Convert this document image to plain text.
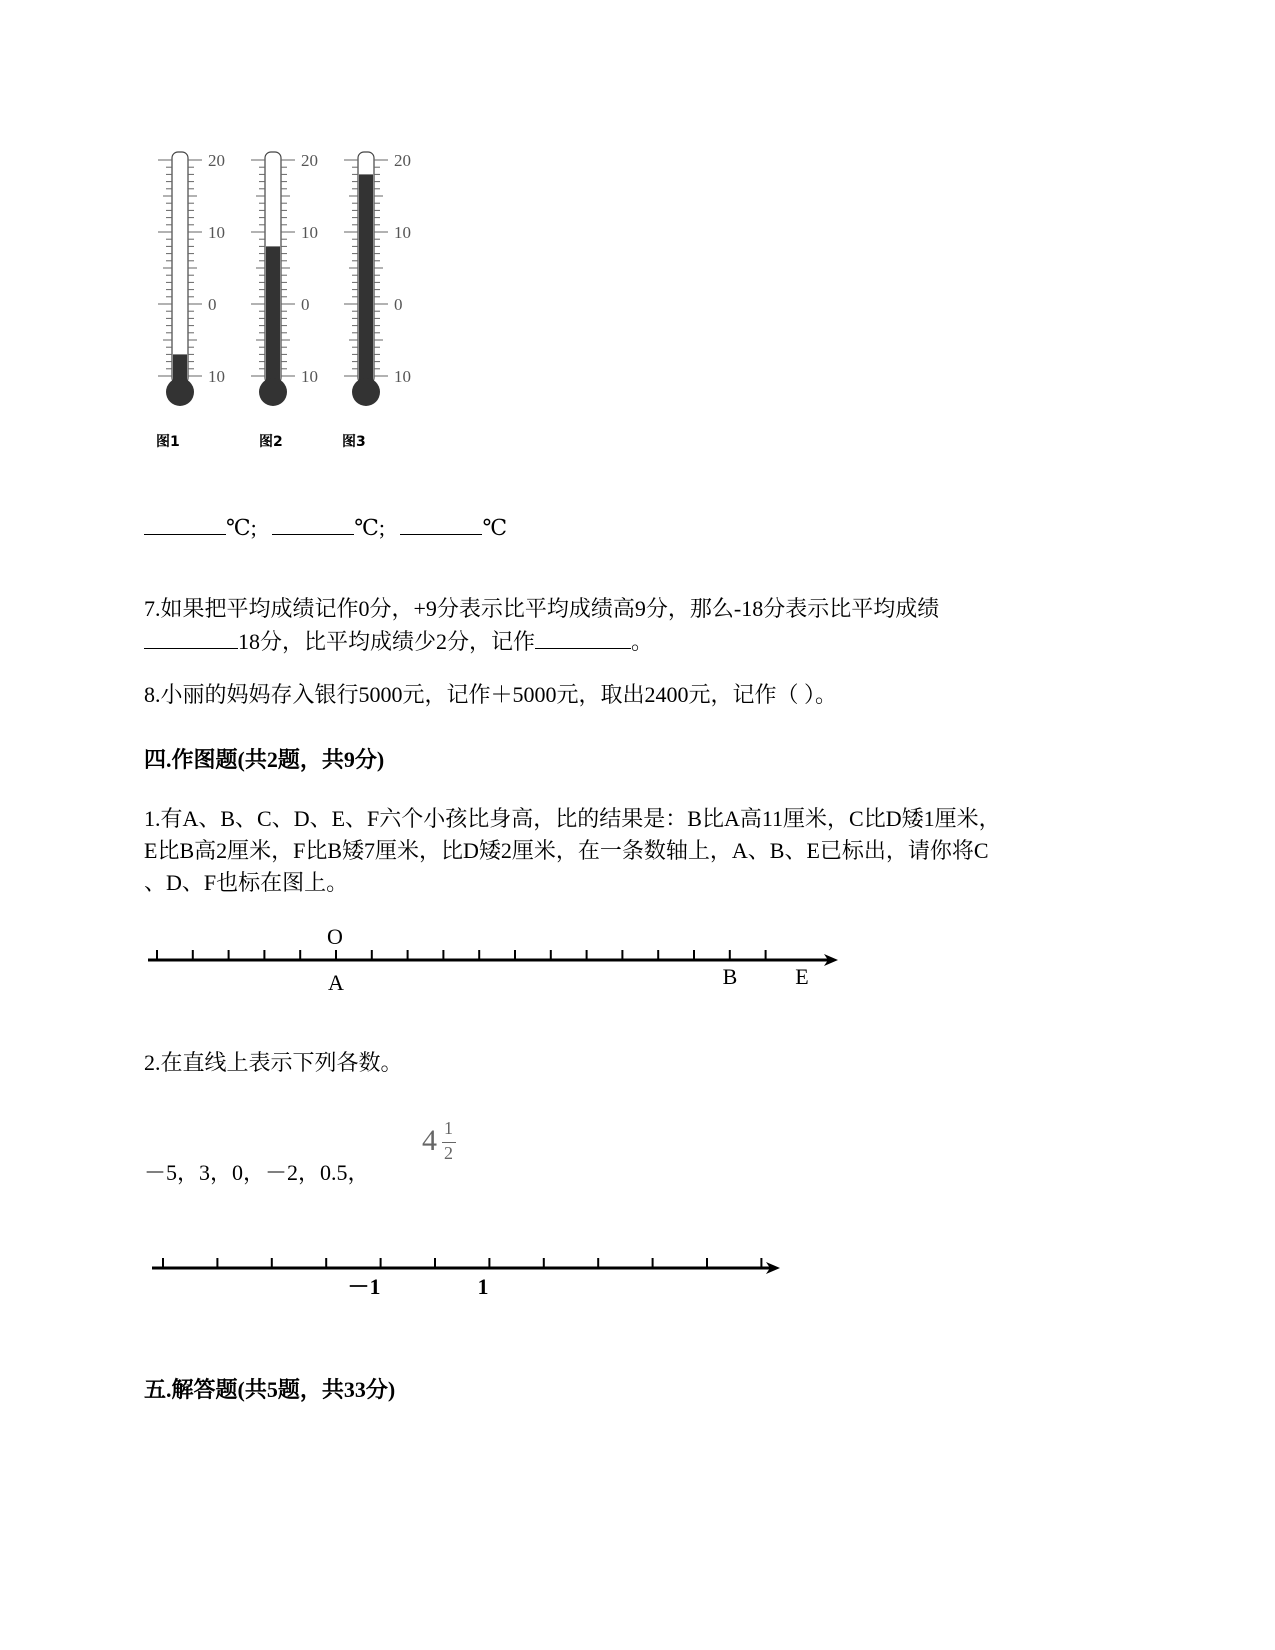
20
10
0
10
图1
20
10
0
10
图2
20
10
0
10
图3
℃;	℃;	℃
7.如果把平均成绩记作0分，+9分表示比平均成绩高9分，那么-18分表示比平均成绩
18分，比平均成绩少2分，记作	。
8.小丽的妈妈存入银行5000元，记作＋5000元，取出2400元，记作（ ）。
四.作图题(共2题，共9分)
1.有A、B、C、D、E、F六个小孩比身高，比的结果是：B比A高11厘米，C比D矮1厘米，
E比B高2厘米，F比B矮7厘米，比D矮2厘米，在一条数轴上，A、B、E已标出，请你将C
、D、F也标在图上。
O
A	B	E
2.在直线上表示下列各数。
－5，3，0，－2，0.5，
4 1
2
－1	1
五.解答题(共5题，共33分)
